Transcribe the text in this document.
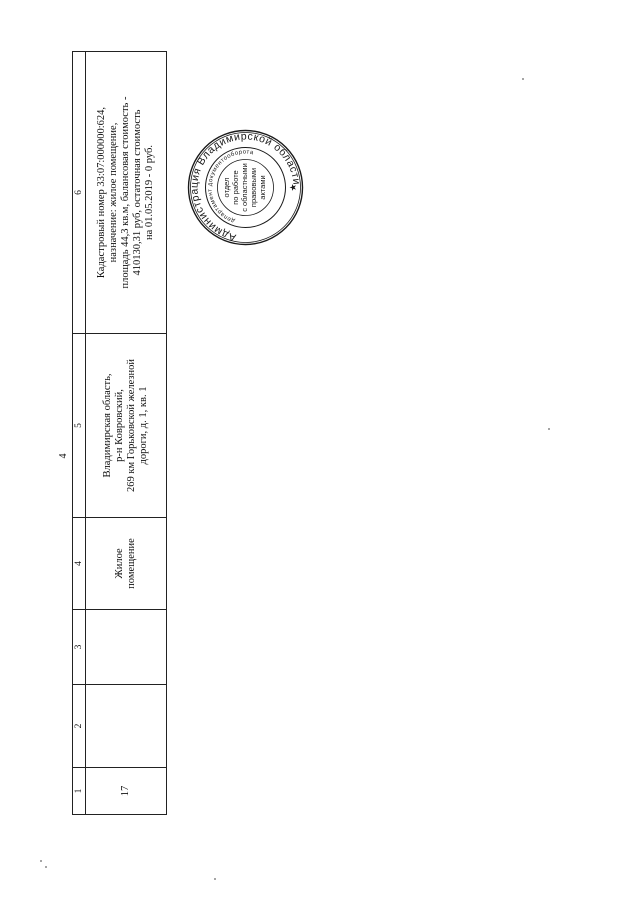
4
1	2	3	4	5	6
17			Жилое
помещение	Владимирская область,
р-н Ковровский,
269 км Горьковской железной
дороги, д. 1, кв. 1	Кадастровый номер 33:07:000000:624,
назначение: жилое помещение,
площадь 44,3 кв.м, балансовая стоимость -
410130,31 руб, остаточная стоимость
на 01.05.2019 - 0 руб.	Администрация Владимирской области
департамент документооборота
отдел по работе с областными правовыми актами ★
